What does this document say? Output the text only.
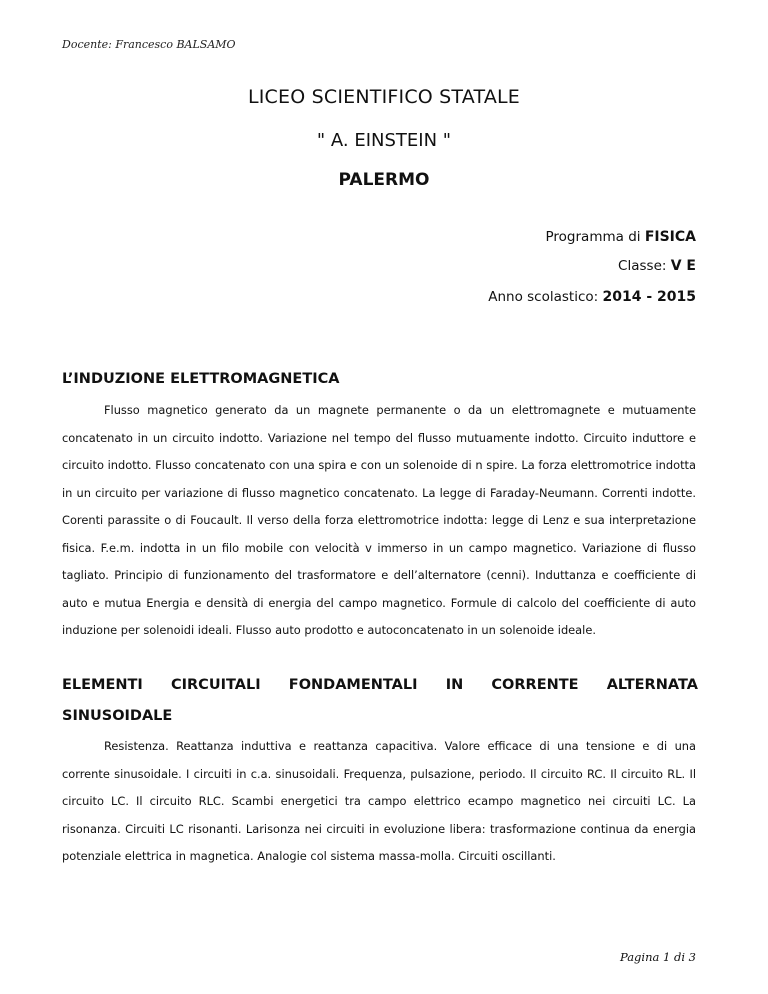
Docente: Francesco BALSAMO
LICEO SCIENTIFICO STATALE
" A. EINSTEIN "
PALERMO
Programma di FISICA
Classe: V E
Anno scolastico: 2014 - 2015
L’INDUZIONE ELETTROMAGNETICA

Flusso magnetico generato da un magnete permanente o da un elettromagnete e mutuamente concatenato in un circuito indotto. Variazione nel tempo del flusso mutuamente indotto. Circuito induttore e circuito indotto. Flusso concatenato con una spira e con un solenoide di n spire. La forza elettromotrice indotta in un circuito per variazione di flusso magnetico concatenato. La legge di Faraday-Neumann. Correnti indotte. Corenti parassite o di Foucault. Il verso della forza elettromotrice indotta: legge di Lenz e sua interpretazione fisica. F.e.m. indotta in un filo mobile con velocità v immerso in un campo magnetico. Variazione di flusso tagliato. Principio di funzionamento del trasformatore e dell’alternatore (cenni). Induttanza e coefficiente di auto e mutua Energia e densità di energia del campo magnetico. Formule di calcolo del coefficiente di auto induzione per solenoidi ideali. Flusso auto prodotto e autoconcatenato in un solenoide ideale.

ELEMENTI CIRCUITALI FONDAMENTALI IN CORRENTE ALTERNATA
SINUSOIDALE

Resistenza. Reattanza induttiva e reattanza capacitiva. Valore efficace di una tensione e di una corrente sinusoidale. I circuiti in c.a. sinusoidali. Frequenza, pulsazione, periodo. Il circuito RC. Il circuito RL. Il circuito LC. Il circuito RLC. Scambi energetici tra campo elettrico ecampo magnetico nei circuiti LC. La risonanza. Circuiti LC risonanti. Larisonza nei circuiti in evoluzione libera: trasformazione continua da energia potenziale elettrica in magnetica. Analogie col sistema massa-molla. Circuiti oscillanti.

Pagina 1 di 3
